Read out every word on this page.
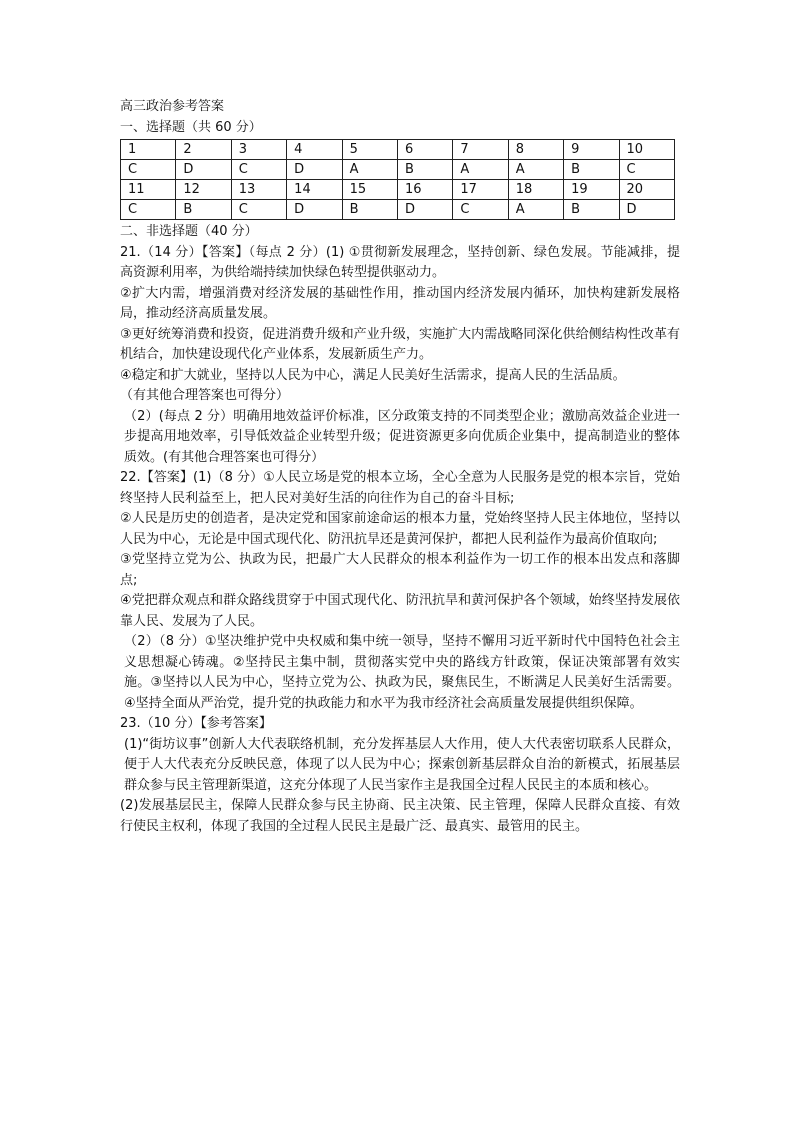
高三政治参考答案
一、选择题（共 60 分）
1	2	3	4	5	6	7	8	9	10
C	D	C	D	A	B	A	A	B	C
11	12	13	14	15	16	17	18	19	20
C	B	C	D	B	D	C	A	B	D
二、非选择题（40 分）

21.（14 分）【答案】（每点 2 分）(1) ①贯彻新发展理念，坚持创新、绿色发展。节能减排，提高资源利用率，为供给端持续加快绿色转型提供驱动力。

②扩大内需，增强消费对经济发展的基础性作用，推动国内经济发展内循环，加快构建新发展格局，推动经济高质量发展。

③更好统筹消费和投资，促进消费升级和产业升级，实施扩大内需战略同深化供给侧结构性改革有机结合，加快建设现代化产业体系，发展新质生产力。

④稳定和扩大就业，坚持以人民为中心，满足人民美好生活需求，提高人民的生活品质。

（有其他合理答案也可得分）

（2）(每点 2 分）明确用地效益评价标准，区分政策支持的不同类型企业；激励高效益企业进一步提高用地效率，引导低效益企业转型升级；促进资源更多向优质企业集中，提高制造业的整体质效。(有其他合理答案也可得分）

22.【答案】(1)（8 分）①人民立场是党的根本立场，全心全意为人民服务是党的根本宗旨，党始终坚持人民利益至上，把人民对美好生活的向往作为自己的奋斗目标;

②人民是历史的创造者，是决定党和国家前途命运的根本力量，党始终坚持人民主体地位，坚持以人民为中心，无论是中国式现代化、防汛抗旱还是黄河保护，都把人民利益作为最高价值取向;

③党坚持立党为公、执政为民，把最广大人民群众的根本利益作为一切工作的根本出发点和落脚点;

④党把群众观点和群众路线贯穿于中国式现代化、防汛抗旱和黄河保护各个领域，始终坚持发展依靠人民、发展为了人民。

（2）（8 分）①坚决维护党中央权威和集中统一领导，坚持不懈用习近平新时代中国特色社会主义思想凝心铸魂。②坚持民主集中制，贯彻落实党中央的路线方针政策，保证决策部署有效实施。③坚持以人民为中心，坚持立党为公、执政为民，聚焦民生，不断满足人民美好生活需要。④坚持全面从严治党，提升党的执政能力和水平为我市经济社会高质量发展提供组织保障。

23.（10 分）【参考答案】

(1)“街坊议事”创新人大代表联络机制，充分发挥基层人大作用，使人大代表密切联系人民群众，便于人大代表充分反映民意，体现了以人民为中心；探索创新基层群众自治的新模式，拓展基层群众参与民主管理新渠道，这充分体现了人民当家作主是我国全过程人民民主的本质和核心。

(2)发展基层民主，保障人民群众参与民主协商、民主决策、民主管理，保障人民群众直接、有效行使民主权利，体现了我国的全过程人民民主是最广泛、最真实、最管用的民主。
